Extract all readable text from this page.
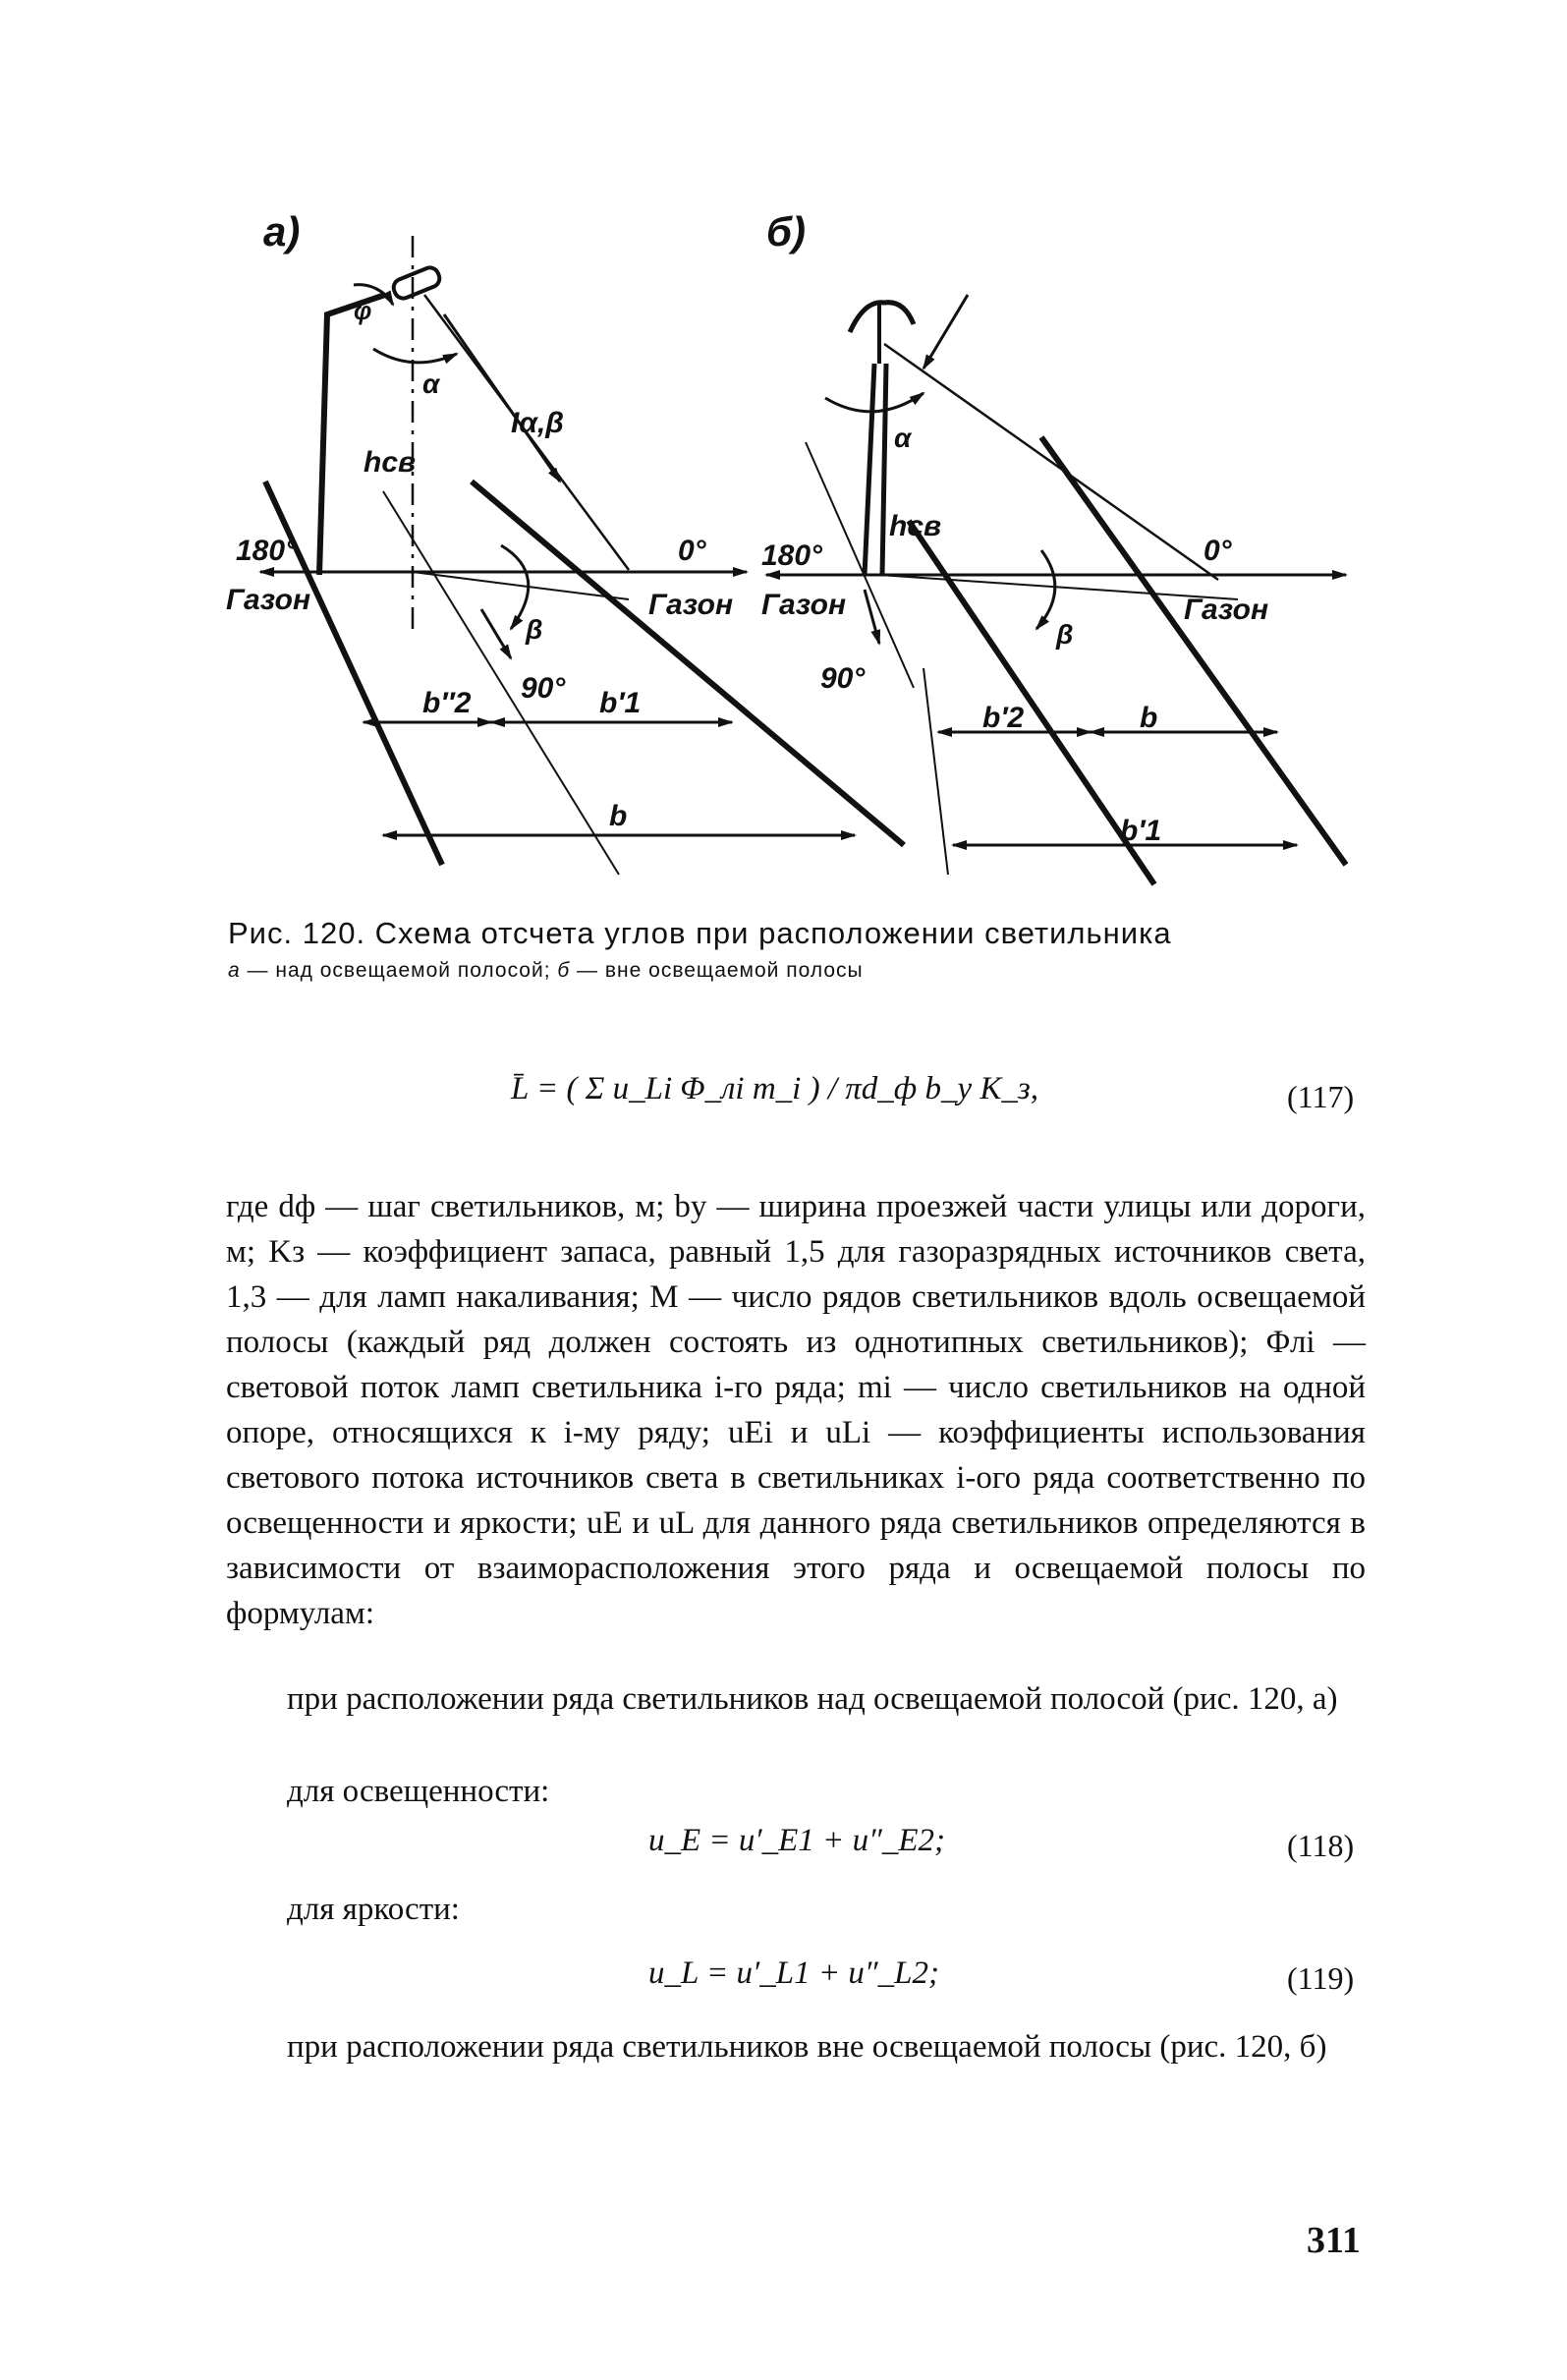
a)
φ
α
Iα,β
hсв
180°	0°
Газон	Газон
β
90°
b″2	b′1
b
б)
α
hсв
180°	0°
Газон	Газон
β
90°
b′2	b
b′1
Рис. 120. Схема отсчета углов при расположении светильника
а — над освещаемой полосой; б — вне освещаемой полосы
L̄ = ( Σ u_Li Φ_лi m_i ) / πd_ф b_у K_з,	(117)
где dф — шаг светильников, м; bу — ширина проезжей части улицы или дороги, м; Kз — коэффициент запаса, равный 1,5 для газоразрядных источников света, 1,3 — для ламп накаливания; M — число рядов светильников вдоль освещаемой полосы (каждый ряд должен состоять из однотипных светильников); Φлi — световой поток ламп светильника i-го ряда; mi — число светильников на одной опоре, относящихся к i-му ряду; uEi и uLi — коэффициенты использования светового потока источников света в светильниках i-ого ряда соответственно по освещенности и яркости; uE и uL для данного ряда светильников определяются в зависимости от взаиморасположения этого ряда и освещаемой полосы по формулам:
при расположении ряда светильников над освещаемой полосой (рис. 120, а)
для освещенности:
u_E = u′_E1 + u″_E2;	(118)
для яркости:
u_L = u′_L1 + u″_L2;	(119)
при расположении ряда светильников вне освещаемой полосы (рис. 120, б)
311
